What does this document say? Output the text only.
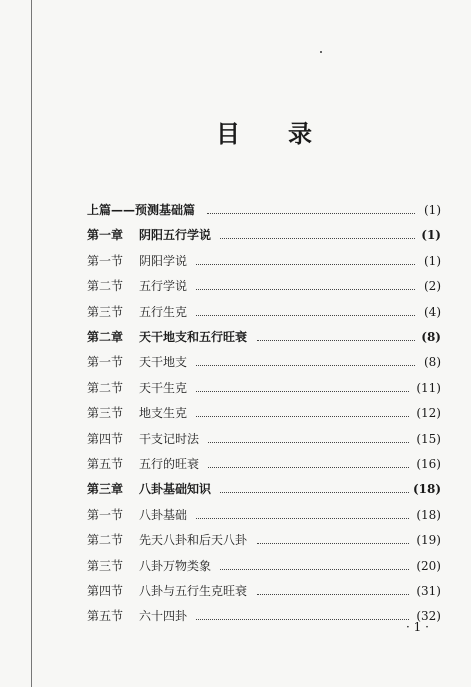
目 录
上篇——预测基础篇	(1)
第一章 阴阳五行学说	(1)
第一节 阴阳学说	(1)
第二节 五行学说	(2)
第三节 五行生克	(4)
第二章 天干地支和五行旺衰	(8)
第一节 天干地支	(8)
第二节 天干生克	(11)
第三节 地支生克	(12)
第四节 干支记时法	(15)
第五节 五行的旺衰	(16)
第三章 八卦基础知识	(18)
第一节 八卦基础	(18)
第二节 先天八卦和后天八卦	(19)
第三节 八卦万物类象	(20)
第四节 八卦与五行生克旺衰	(31)
第五节 六十四卦	(32)
· 1 ·
